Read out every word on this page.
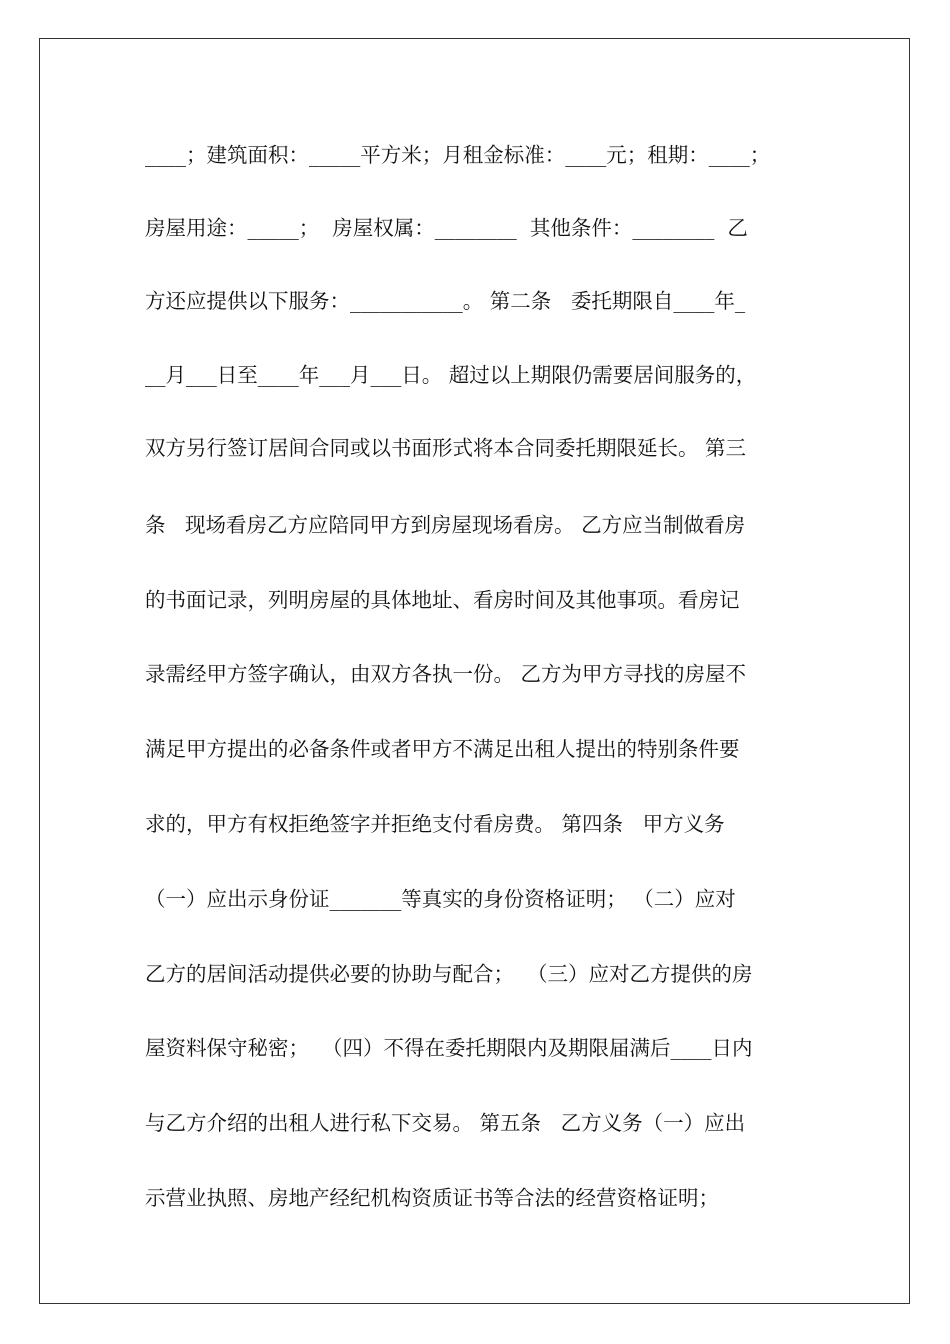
____；建筑面积：_____平方米；月租金标准：____元；租期：____；
房屋用途：_____；  房屋权属：________  其他条件：________  乙
方还应提供以下服务：___________。 第二条   委托期限自____年_
__月___日至____年___月___日。 超过以上期限仍需要居间服务的，
双方另行签订居间合同或以书面形式将本合同委托期限延长。 第三
条   现场看房乙方应陪同甲方到房屋现场看房。 乙方应当制做看房
的书面记录，列明房屋的具体地址、看房时间及其他事项。看房记
录需经甲方签字确认，由双方各执一份。 乙方为甲方寻找的房屋不
满足甲方提出的必备条件或者甲方不满足出租人提出的特别条件要
求的，甲方有权拒绝签字并拒绝支付看房费。 第四条   甲方义务
（一）应出示身份证_______等真实的身份资格证明； （二）应对
乙方的居间活动提供必要的协助与配合；  （三）应对乙方提供的房
屋资料保守秘密；  （四）不得在委托期限内及期限届满后____日内
与乙方介绍的出租人进行私下交易。 第五条   乙方义务（一）应出
示营业执照、房地产经纪机构资质证书等合法的经营资格证明；
